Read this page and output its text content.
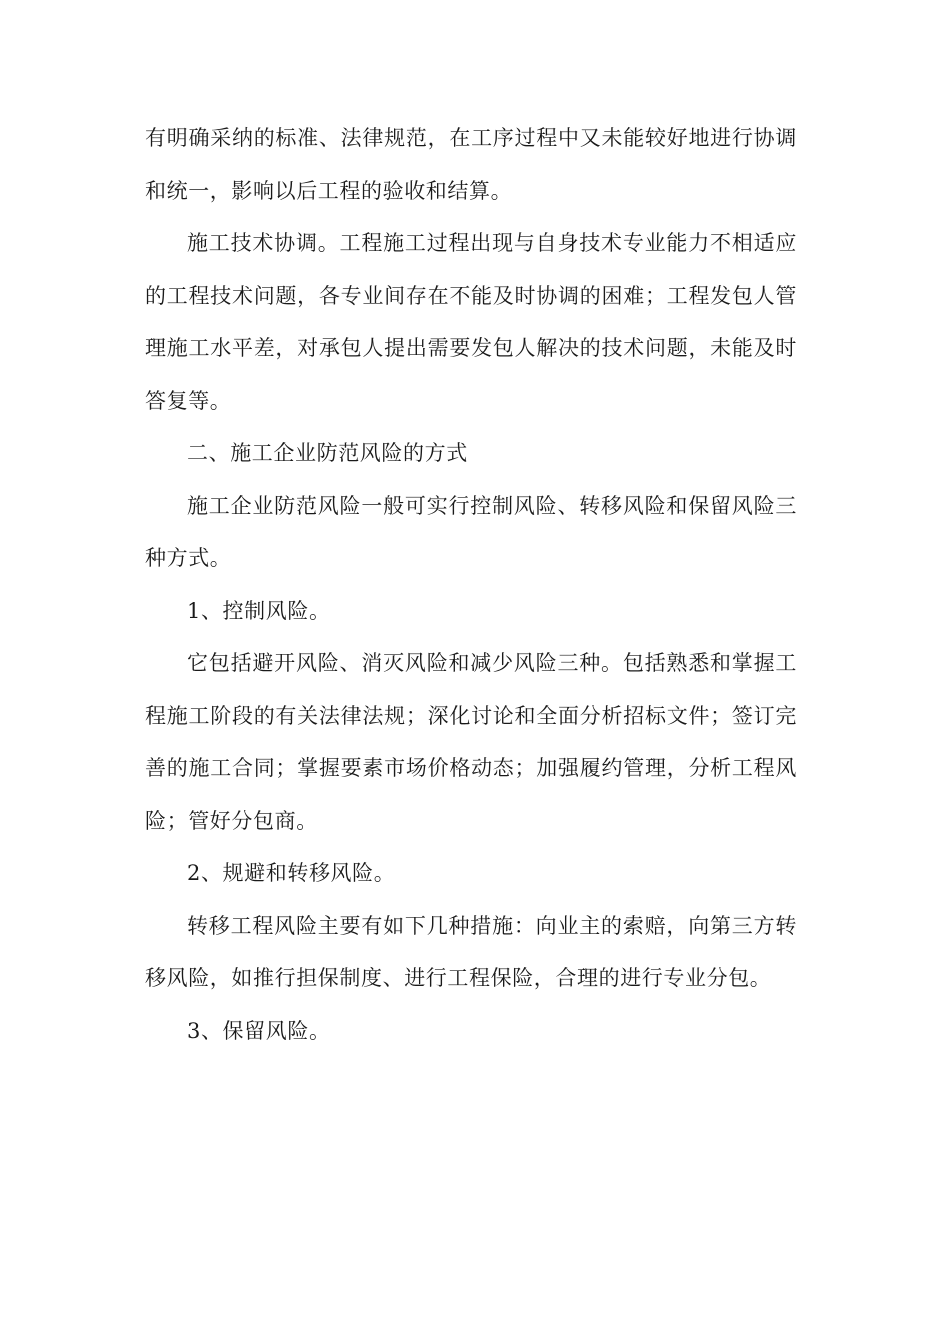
有明确采纳的标准、法律规范，在工序过程中又未能较好地进行协调和统一，影响以后工程的验收和结算。

施工技术协调。工程施工过程出现与自身技术专业能力不相适应的工程技术问题，各专业间存在不能及时协调的困难；工程发包人管理施工水平差，对承包人提出需要发包人解决的技术问题，未能及时答复等。

二、施工企业防范风险的方式

施工企业防范风险一般可实行控制风险、转移风险和保留风险三种方式。

1、控制风险。

它包括避开风险、消灭风险和减少风险三种。包括熟悉和掌握工程施工阶段的有关法律法规；深化讨论和全面分析招标文件；签订完善的施工合同；掌握要素市场价格动态；加强履约管理，分析工程风险；管好分包商。

2、规避和转移风险。

转移工程风险主要有如下几种措施：向业主的索赔，向第三方转移风险，如推行担保制度、进行工程保险，合理的进行专业分包。

3、保留风险。
